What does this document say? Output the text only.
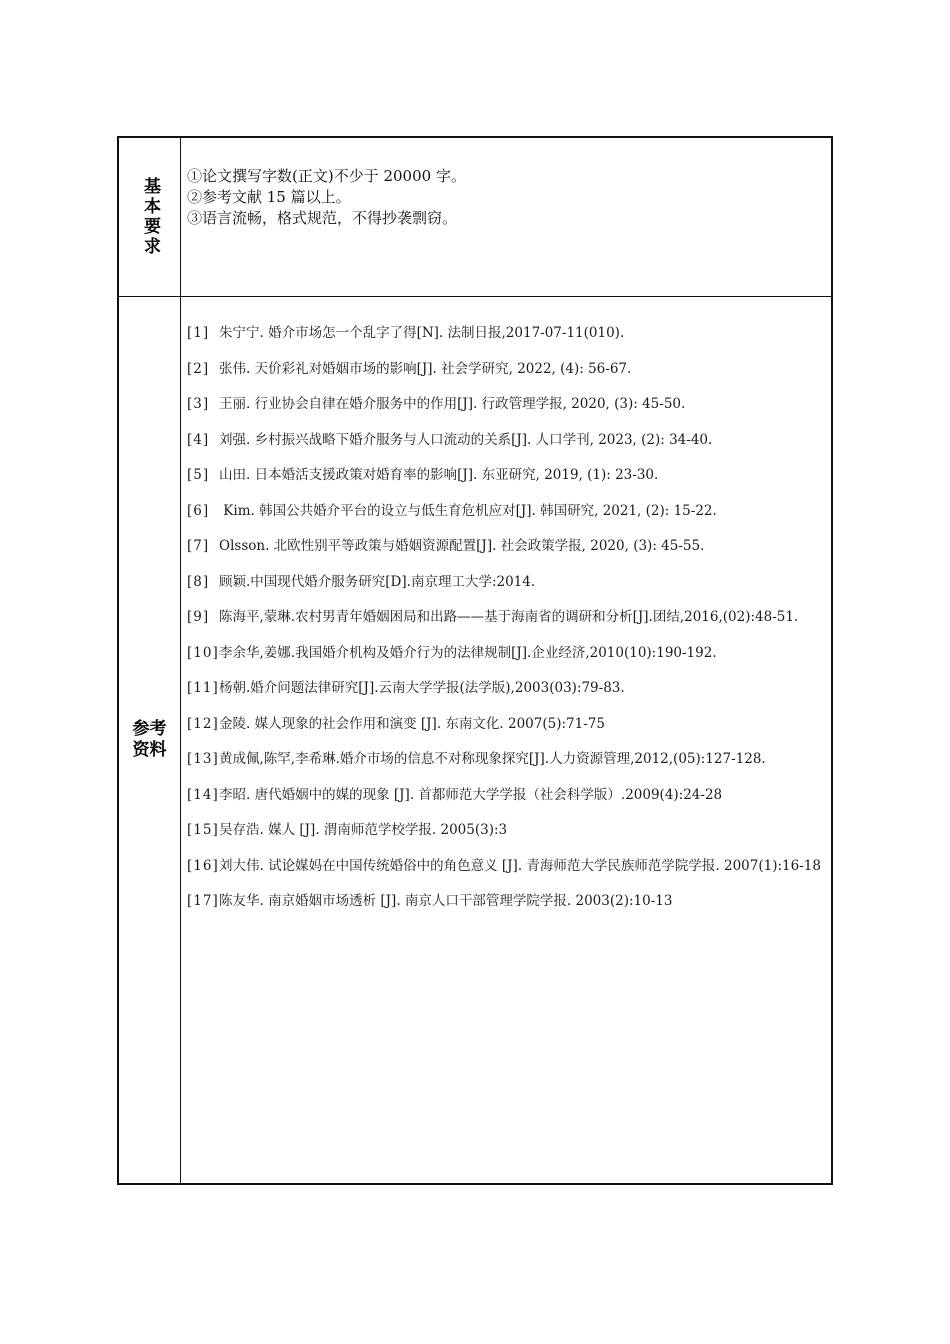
基本要求
①论文撰写字数(正文)不少于 20000 字。
②参考文献 15 篇以上。
③语言流畅，格式规范，不得抄袭剽窃。
参考资料
[1] 朱宁宁. 婚介市场怎一个乱字了得[N]. 法制日报,2017-07-11(010).
[2] 张伟. 天价彩礼对婚姻市场的影响[J]. 社会学研究, 2022, (4): 56-67.
[3] 王丽. 行业协会自律在婚介服务中的作用[J]. 行政管理学报, 2020, (3): 45-50.
[4] 刘强. 乡村振兴战略下婚介服务与人口流动的关系[J]. 人口学刊, 2023, (2): 34-40.
[5] 山田. 日本婚活支援政策对婚育率的影响[J]. 东亚研究, 2019, (1): 23-30.
[6] Kim. 韩国公共婚介平台的设立与低生育危机应对[J]. 韩国研究, 2021, (2): 15-22.
[7] Olsson. 北欧性别平等政策与婚姻资源配置[J]. 社会政策学报, 2020, (3): 45-55.
[8] 顾颖.中国现代婚介服务研究[D].南京理工大学:2014.
[9] 陈海平,蒙琳.农村男青年婚姻困局和出路——基于海南省的调研和分析[J].团结,2016,(02):48-51.
[10]李余华,姜娜.我国婚介机构及婚介行为的法律规制[J].企业经济,2010(10):190-192.
[11]杨朝.婚介问题法律研究[J].云南大学学报(法学版),2003(03):79-83.
[12]金陵. 媒人现象的社会作用和演变 [J]. 东南文化. 2007(5):71-75
[13]黄成佩,陈罕,李希琳.婚介市场的信息不对称现象探究[J].人力资源管理,2012,(05):127-128.
[14]李昭. 唐代婚姻中的媒的现象 [J]. 首都师范大学学报（社会科学版）.2009(4):24-28
[15]吴存浩. 媒人 [J]. 渭南师范学校学报. 2005(3):3
[16]刘大伟. 试论媒妈在中国传统婚俗中的角色意义 [J]. 青海师范大学民族师范学院学报. 2007(1):16-18
[17]陈友华. 南京婚姻市场透析 [J]. 南京人口干部管理学院学报. 2003(2):10-13
